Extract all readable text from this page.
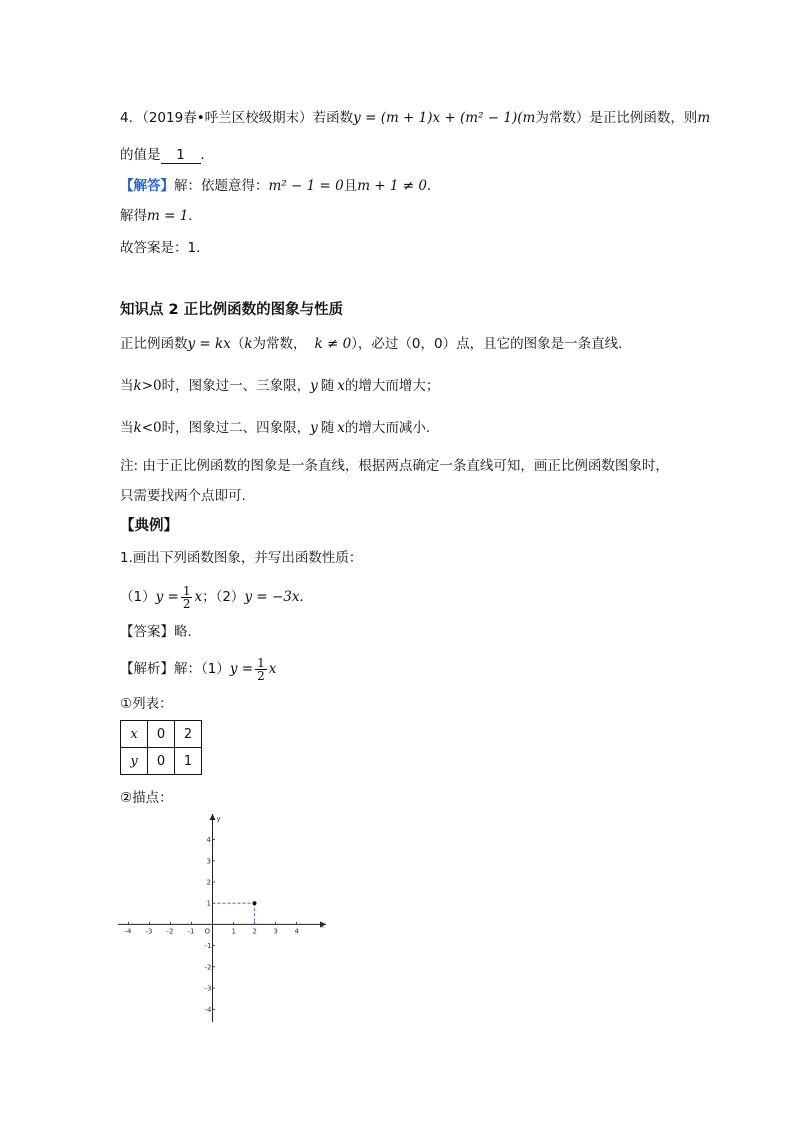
4．（2019春•呼兰区校级期末）若函数y = (m + 1)x + (m² − 1)(m为常数）是正比例函数，则m
的值是 1 ．
【解答】解：依题意得：m² − 1 = 0且m + 1 ≠ 0．
解得m = 1．
故答案是：1．
知识点 2 正比例函数的图象与性质
正比例函数y = kx（k为常数， k ≠ 0），必过（0，0）点，且它的图象是一条直线.
当k>0时，图象过一、三象限，y 随 x的增大而增大；
当k<0时，图象过二、四象限，y 随 x的增大而减小.
注: 由于正比例函数的图象是一条直线，根据两点确定一条直线可知，画正比例函数图象时，
只需要找两个点即可.
【典例】
1.画出下列函数图象，并写出函数性质：
$(1)y = \frac{1}{2}$ x；（2）y = −3x．
【答案】略．
【解析】解：$(1)y = \frac{1}{2}$ x
①列表：
x	0	2
y	0	1
②描点：
x
y
O
-4 -3 -2 -1	1 2 3 4
4
3
2
1
-1
-2
-3
-4
